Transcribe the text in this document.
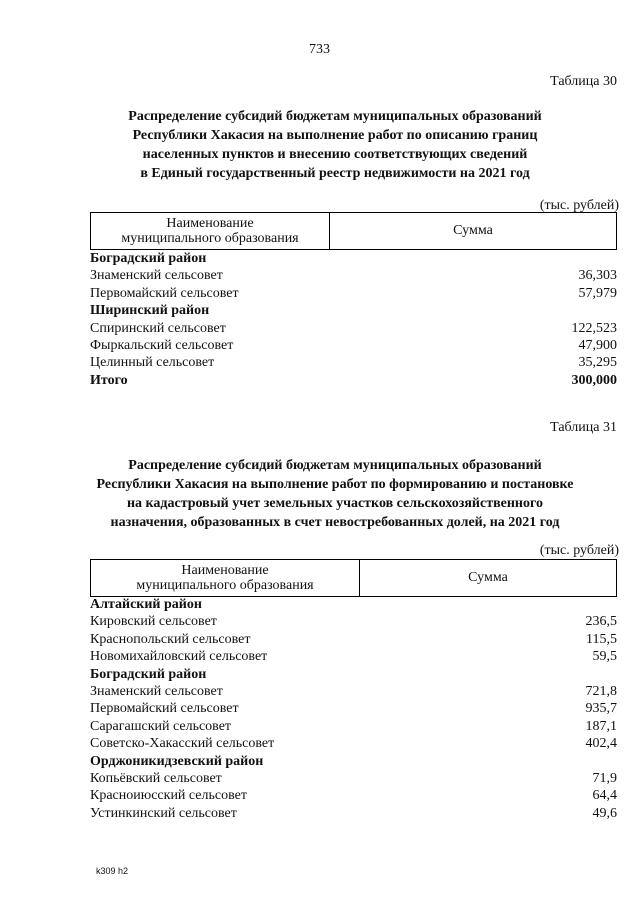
733
Таблица 30
Распределение субсидий бюджетам муниципальных образований
Республики Хакасия на выполнение работ по описанию границ
населенных пунктов и внесению соответствующих сведений
в Единый государственный реестр недвижимости на 2021 год
(тыс. рублей)
Наименование
муниципального образования
Сумма
Боградский район
Знаменский сельсовет	36,303
Первомайский сельсовет	57,979
Ширинский район
Спиринский сельсовет	122,523
Фыркальский сельсовет	47,900
Целинный сельсовет	35,295
Итого	300,000
Таблица 31
Распределение субсидий бюджетам муниципальных образований
Республики Хакасия на выполнение работ по формированию и постановке
на кадастровый учет земельных участков сельскохозяйственного
назначения, образованных в счет невостребованных долей, на 2021 год
(тыс. рублей)
Наименование
муниципального образования
Сумма
Алтайский район
Кировский сельсовет	236,5
Краснопольский сельсовет	115,5
Новомихайловский сельсовет	59,5
Боградский район
Знаменский сельсовет	721,8
Первомайский сельсовет	935,7
Сарагашский сельсовет	187,1
Советско-Хакасский сельсовет	402,4
Орджоникидзевский район
Копьёвский сельсовет	71,9
Красноиюсский сельсовет	64,4
Устинкинский сельсовет	49,6
k309 h2
